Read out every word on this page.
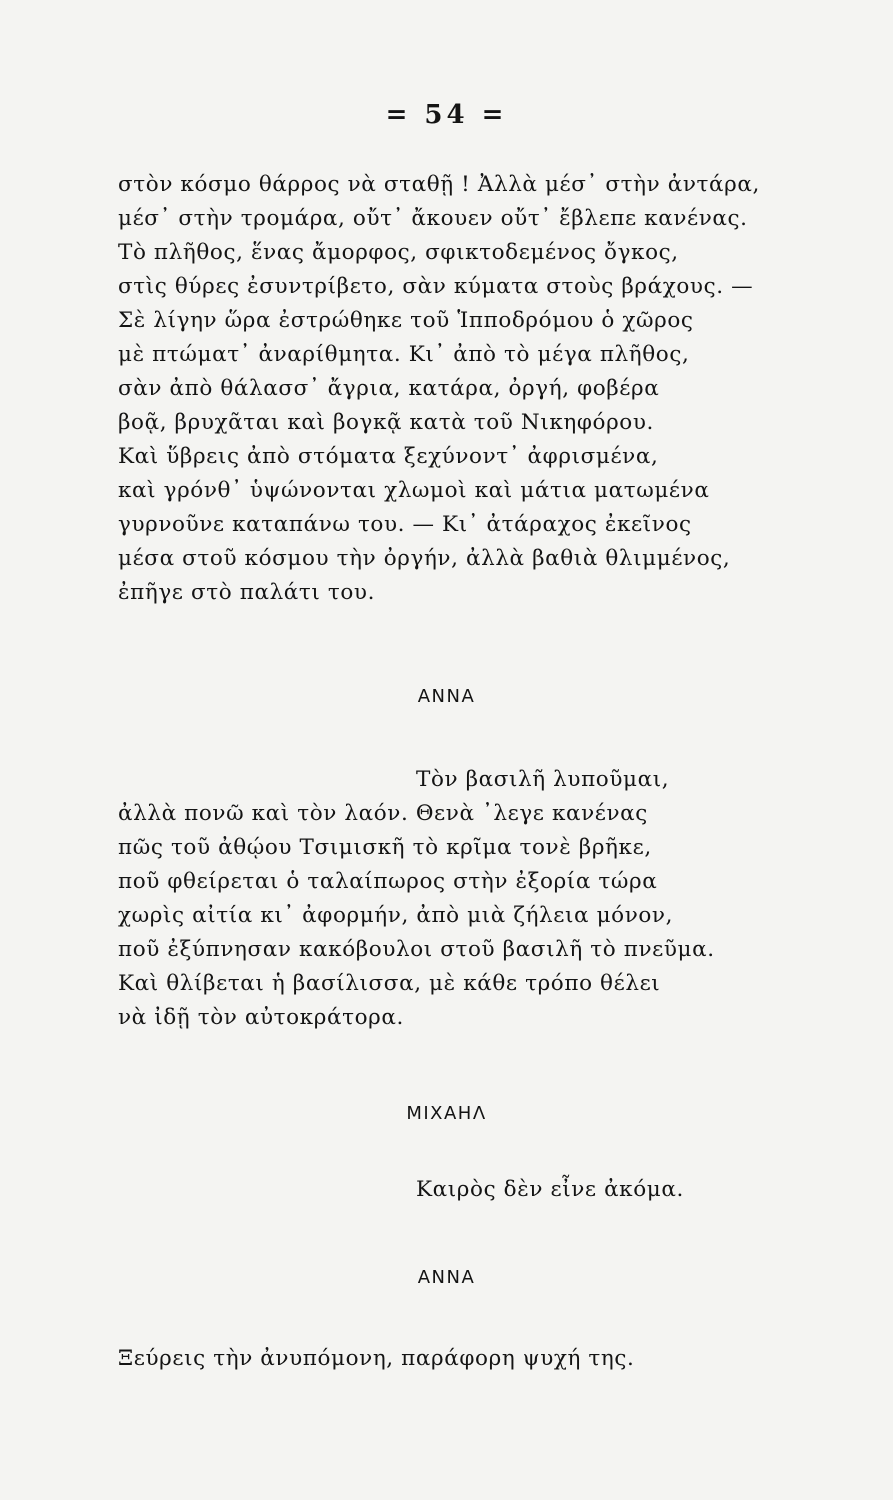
= 54 =
στὸν κόσμο θάρρος νὰ σταθῇ ! Ἀλλὰ μέσ᾿ στὴν ἀντάρα,
μέσ᾿ στὴν τρομάρα, οὔτ᾿ ἄκουεν οὔτ᾿ ἔβλεπε κανένας.
Τὸ πλῆθος, ἕνας ἄμορφος, σφικτοδεμένος ὄγκος,
στὶς θύρες ἐσυντρίβετο, σὰν κύματα στοὺς βράχους. —
Σὲ λίγην ὥρα ἐστρώθηκε τοῦ Ἱπποδρόμου ὁ χῶρος
μὲ πτώματ᾿ ἀναρίθμητα. Κι᾿ ἀπὸ τὸ μέγα πλῆθος,
σὰν ἀπὸ θάλασσ᾿ ἄγρια, κατάρα, ὀργή, φοβέρα
βοᾷ, βρυχᾶται καὶ βογκᾷ κατὰ τοῦ Νικηφόρου.
Καὶ ὕβρεις ἀπὸ στόματα ξεχύνοντ᾿ ἀφρισμένα,
καὶ γρόνθ᾿ ὑψώνονται χλωμοὶ καὶ μάτια ματωμένα
γυρνοῦνε καταπάνω του. — Κι᾿ ἀτάραχος ἐκεῖνος
μέσα στοῦ κόσμου τὴν ὀργήν, ἀλλὰ βαθιὰ θλιμμένος,
ἐπῆγε στὸ παλάτι του.
ΑΝΝΑ
Τὸν βασιλῆ λυποῦμαι,
ἀλλὰ πονῶ καὶ τὸν λαόν. Θενὰ ᾿λεγε κανένας
πῶς τοῦ ἀθῴου Τσιμισκῆ τὸ κρῖμα τονὲ βρῆκε,
ποῦ φθείρεται ὁ ταλαίπωρος στὴν ἐξορία τώρα
χωρὶς αἰτία κι᾿ ἀφορμήν, ἀπὸ μιὰ ζήλεια μόνον,
ποῦ ἐξύπνησαν κακόβουλοι στοῦ βασιλῆ τὸ πνεῦμα.
Καὶ θλίβεται ἡ βασίλισσα, μὲ κάθε τρόπο θέλει
νὰ ἰδῇ τὸν αὐτοκράτορα.
ΜΙΧΑΗΛ
Καιρὸς δὲν εἶνε ἀκόμα.
ΑΝΝΑ
Ξεύρεις τὴν ἀνυπόμονη, παράφορη ψυχή της.
